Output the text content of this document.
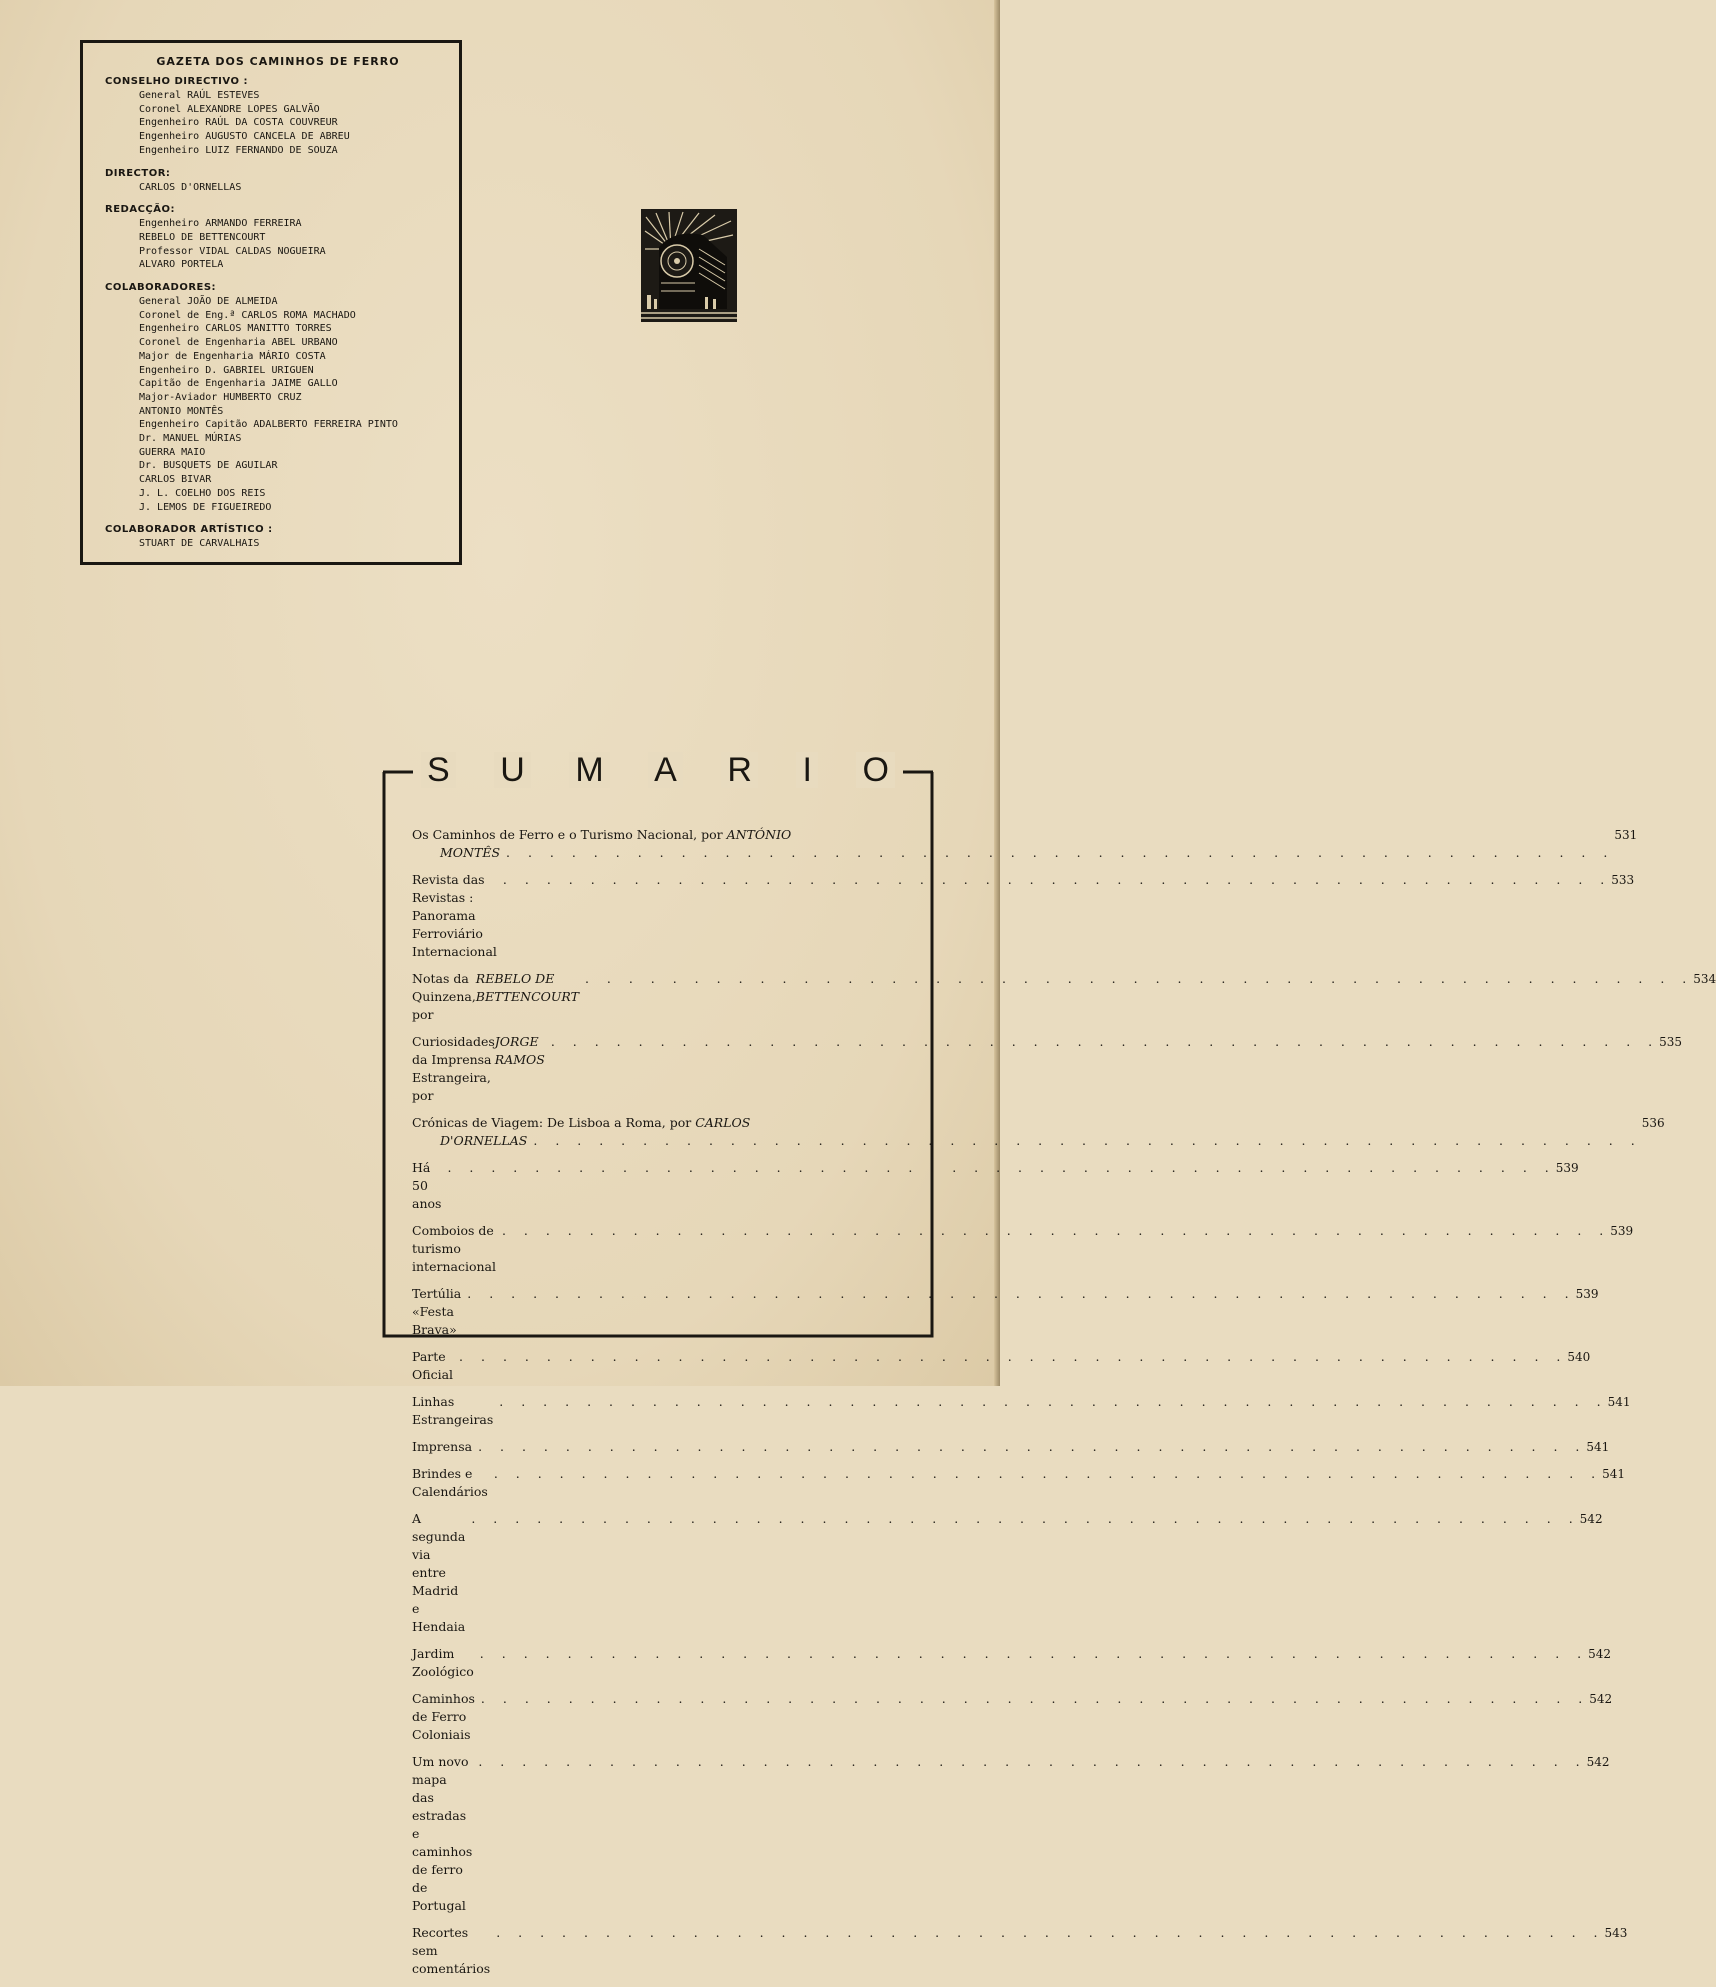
GAZETA DOS CAMINHOS DE FERRO
CONSELHO DIRECTIVO :
General RAÚL ESTEVES
Coronel ALEXANDRE LOPES GALVÃO
Engenheiro RAÚL DA COSTA COUVREUR
Engenheiro AUGUSTO CANCELA DE ABREU
Engenheiro LUIZ FERNANDO DE SOUZA
DIRECTOR:
CARLOS D'ORNELLAS
REDACÇÃO:
Engenheiro ARMANDO FERREIRA
REBELO DE BETTENCOURT
Professor VIDAL CALDAS NOGUEIRA
ALVARO PORTELA
COLABORADORES:
General JOÃO DE ALMEIDA
Coronel de Eng.ª CARLOS ROMA MACHADO
Engenheiro CARLOS MANITTO TORRES
Coronel de Engenharia ABEL URBANO
Major de Engenharia MÁRIO COSTA
Engenheiro D. GABRIEL URIGUEN
Capitão de Engenharia JAIME GALLO
Major-Aviador HUMBERTO CRUZ
ANTONIO MONTÊS
Engenheiro Capitão ADALBERTO FERREIRA PINTO
Dr. MANUEL MÚRIAS
GUERRA MAIO
Dr. BUSQUETS DE AGUILAR
CARLOS BIVAR
J. L. COELHO DOS REIS
J. LEMOS DE FIGUEIREDO
COLABORADOR ARTÍSTICO :
STUART DE CARVALHAIS
S U M A R I O
Os Caminhos de Ferro e o Turismo Nacional, por ANTÓNIO
MONTÊS . . . . . . . . . . . . . . . . . . . . . . . . . . . . . . . . . . . . . . . . . . . . . . . . . . .
531
Revista das Revistas : Panorama Ferroviário Internacional
. . . . . . . . . . . . . . . . . . . . . . . . . . . . . . . . . . . . . . . . . . . . . . . . . . . 533
Notas da Quinzena, por
REBELO DE BETTENCOURT
. . . . . . . . . . . . . . . . . . . . . . . . . . . . . . . . . . . . . . . . . . . . . . . . . . . 534
Curiosidades da Imprensa Estrangeira, por
JORGE RAMOS
. . . . . . . . . . . . . . . . . . . . . . . . . . . . . . . . . . . . . . . . . . . . . . . . . . . 535
Crónicas de Viagem: De Lisboa a Roma, por CARLOS
D'ORNELLAS . . . . . . . . . . . . . . . . . . . . . . . . . . . . . . . . . . . . . . . . . . . . . . . . . . .
536
Há 50 anos
. . . . . . . . . . . . . . . . . . . . . . . . . . . . . . . . . . . . . . . . . . . . . . . . . . . 539
Comboios de turismo internacional
. . . . . . . . . . . . . . . . . . . . . . . . . . . . . . . . . . . . . . . . . . . . . . . . . . . 539
Tertúlia «Festa Brava»
. . . . . . . . . . . . . . . . . . . . . . . . . . . . . . . . . . . . . . . . . . . . . . . . . . . 539
Parte Oficial
. . . . . . . . . . . . . . . . . . . . . . . . . . . . . . . . . . . . . . . . . . . . . . . . . . . 540
Linhas Estrangeiras
. . . . . . . . . . . . . . . . . . . . . . . . . . . . . . . . . . . . . . . . . . . . . . . . . . . 541
Imprensa . . . . . . . . . . . . . . . . . . . . . . . . . . . . . . . . . . . . . . . . . . . . . . . . . . . 541
Brindes e Calendários
. . . . . . . . . . . . . . . . . . . . . . . . . . . . . . . . . . . . . . . . . . . . . . . . . . . 541
A segunda via entre Madrid e Hendaia
. . . . . . . . . . . . . . . . . . . . . . . . . . . . . . . . . . . . . . . . . . . . . . . . . . . 542
Jardim Zoológico
. . . . . . . . . . . . . . . . . . . . . . . . . . . . . . . . . . . . . . . . . . . . . . . . . . . 542
Caminhos de Ferro Coloniais
. . . . . . . . . . . . . . . . . . . . . . . . . . . . . . . . . . . . . . . . . . . . . . . . . . . 542
Um novo mapa das estradas e caminhos de ferro de Portugal
. . . . . . . . . . . . . . . . . . . . . . . . . . . . . . . . . . . . . . . . . . . . . . . . . . . 542
Recortes sem comentários
. . . . . . . . . . . . . . . . . . . . . . . . . . . . . . . . . . . . . . . . . . . . . . . . . . . 543
